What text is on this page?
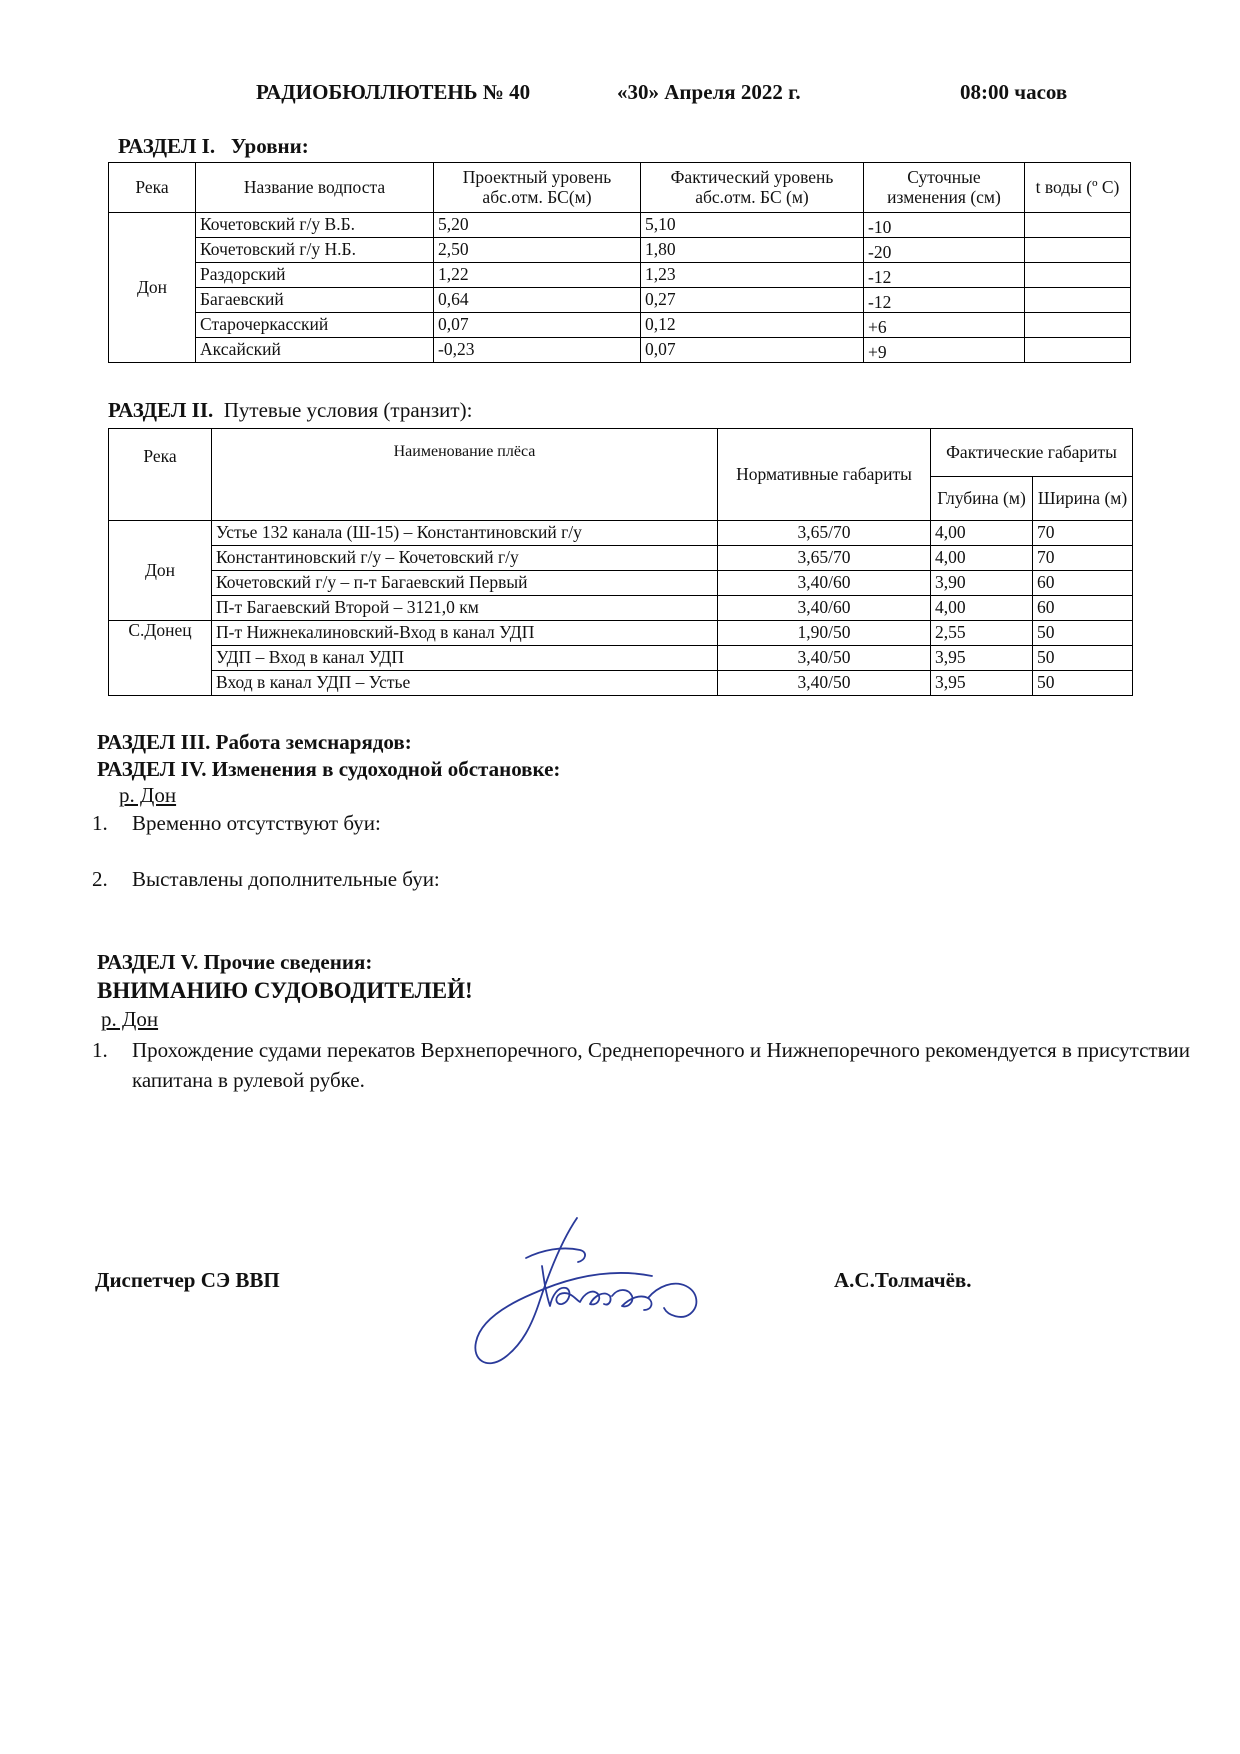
РАДИОБЮЛЛЮТЕНЬ № 40	«30» Апреля 2022 г.	08:00 часов
РАЗДЕЛ I. Уровни:
Река	Название водпоста	Проектный уровень абс.отм. БС(м)	Фактический уровень абс.отм. БС (м)	Суточные изменения (см)	t воды (º С)
Дон	Кочетовский г/у В.Б.	5,20	5,10	-10	
	Кочетовский г/у Н.Б.	2,50	1,80	-20	
	Раздорский	1,22	1,23	-12	
	Багаевский	0,64	0,27	-12	
	Старочеркасский	0,07	0,12	+6	
	Аксайский	-0,23	0,07	+9	
РАЗДЕЛ II. Путевые условия (транзит):
Река	Наименование плёса	Нормативные габариты	Фактические габариты	
			Глубина (м)	Ширина (м)
Дон	Устье 132 канала (Ш-15) – Константиновский г/у	3,65/70	4,00	70
	Константиновский г/у – Кочетовский г/у	3,65/70	4,00	70
	Кочетовский г/у – п-т Багаевский Первый	3,40/60	3,90	60
	П-т Багаевский Второй – 3121,0 км	3,40/60	4,00	60
С.Донец	П-т Нижнекалиновский-Вход в канал УДП	1,90/50	2,55	50
	УДП – Вход в канал УДП	3,40/50	3,95	50
	Вход в канал УДП – Устье	3,40/50	3,95	50
РАЗДЕЛ III. Работа земснарядов:
РАЗДЕЛ IV. Изменения в судоходной обстановке:
р. Дон
1.	Временно отсутствуют буи:
2.	Выставлены дополнительные буи:
РАЗДЕЛ V. Прочие сведения:
ВНИМАНИЮ СУДОВОДИТЕЛЕЙ!
р. Дон
1.	Прохождение судами перекатов Верхнепоречного, Среднепоречного и Нижнепоречного рекомендуется в присутствии капитана в рулевой рубке.
Диспетчер СЭ ВВП	А.С.Толмачёв.
